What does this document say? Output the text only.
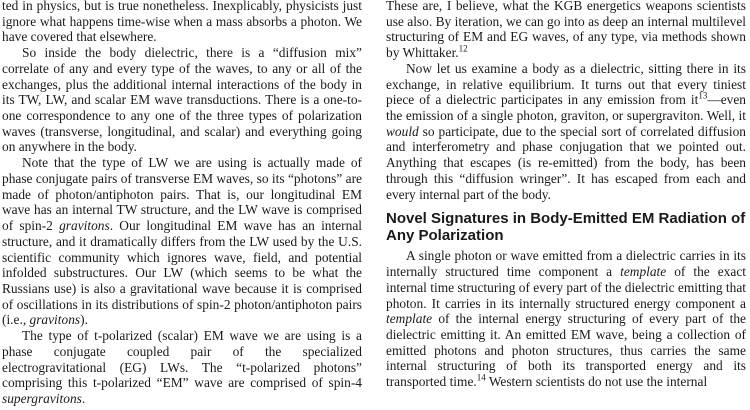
ted in physics, but is true nonetheless. Inexplicably, physicists just ignore what happens time-wise when a mass absorbs a photon. We have covered that elsewhere.

So inside the body dielectric, there is a “diffusion mix” correlate of any and every type of the waves, to any or all of the exchanges, plus the additional internal interactions of the body in its TW, LW, and scalar EM wave transductions. There is a one-to-one correspondence to any one of the three types of polarization waves (transverse, longitudinal, and scalar) and everything going on anywhere in the body.

Note that the type of LW we are using is actually made of phase conjugate pairs of transverse EM waves, so its “photons” are made of photon/antiphoton pairs. That is, our longitudinal EM wave has an internal TW structure, and the LW wave is comprised of spin-2 gravitons. Our longitudinal EM wave has an internal structure, and it dramatically differs from the LW used by the U.S. scientific community which ignores wave, field, and potential infolded substructures. Our LW (which seems to be what the Russians use) is also a gravitational wave because it is comprised of oscillations in its distributions of spin-2 photon/antiphoton pairs (i.e., gravitons).

The type of t-polarized (scalar) EM wave we are using is a phase conjugate coupled pair of the specialized electrogravitational (EG) LWs. The “t-polarized photons” comprising this t-polarized “EM” wave are comprised of spin-4 supergravitons.

These are, I believe, what the KGB energetics weapons scientists use also. By iteration, we can go into as deep an internal multilevel structuring of EM and EG waves, of any type, via methods shown by Whittaker.$^{12}$

Now let us examine a body as a dielectric, sitting there in its exchange, in relative equilibrium. It turns out that every tiniest piece of a dielectric participates in any emission from $it^{13}—even$ the emission of a single photon, graviton, or supergraviton. Well, it would so participate, due to the special sort of correlated diffusion and interferometry and phase conjugation that we pointed out. Anything that escapes (is re-emitted) from the body, has been through this “diffusion wringer”. It has escaped from each and every internal part of the body.

Novel Signatures in Body-Emitted EM Radiation of Any Polarization

A single photon or wave emitted from a dielectric carries in its internally structured time component a template of the exact internal time structuring of every part of the dielectric emitting that photon. It carries in its internally structured energy component a template of the internal energy structuring of every part of the dielectric emitting it. An emitted EM wave, being a collection of emitted photons and photon structures, thus carries the same internal structuring of both its transported energy and its transported time.$^{14}$ Western scientists do not use the internal
